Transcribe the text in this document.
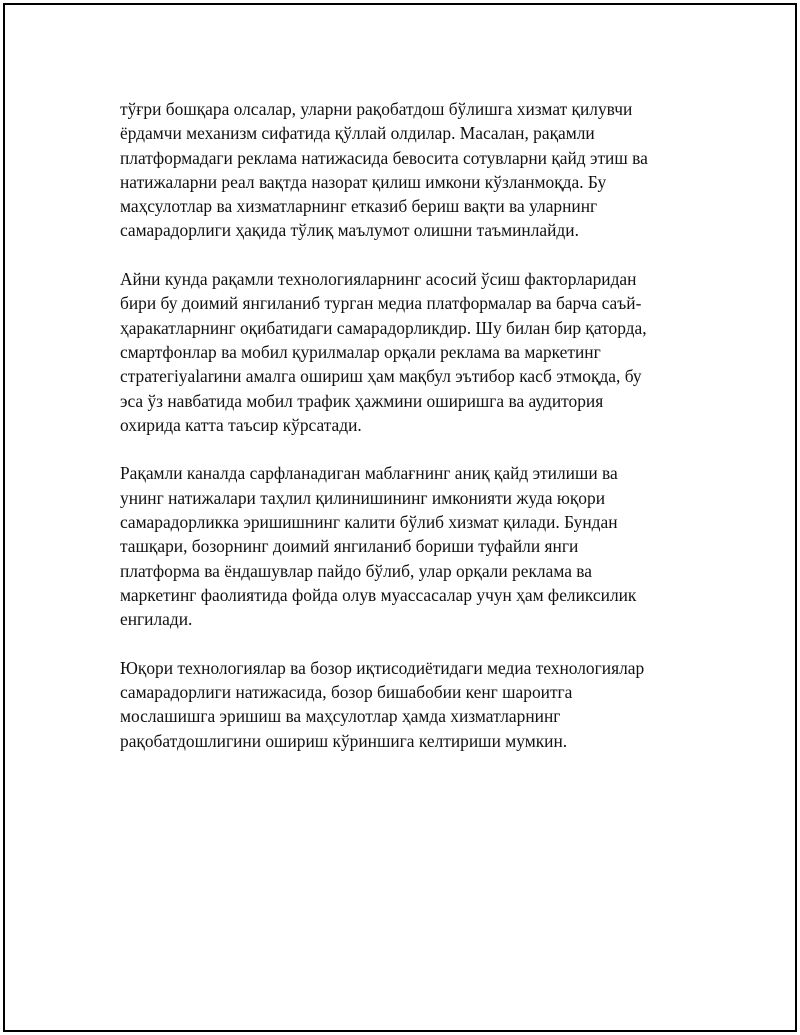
тўғри бошқара олсалар, уларни рақобатдош бўлишга хизмат қилувчи
ёрдамчи механизм сифатида қўллай олдилар. Масалан, рақамли
платформадаги реклама натижасида бевосита сотувларни қайд этиш ва
натижаларни реал вақтда назорат қилиш имкони кўзланмоқда. Бу
маҳсулотлар ва хизматларнинг етказиб бериш вақти ва уларнинг
самарадорлиги ҳақида тўлиқ маълумот олишни таъминлайди.

Айни кунда рақамли технологияларнинг асосий ўсиш факторларидан
бири бу доимий янгиланиб турган медиа платформалар ва барча саъй-
ҳаракатларнинг оқибатидаги самарадорликдир. Шу билан бир қаторда,
смартфонлар ва мобил қурилмалар орқали реклама ва маркетинг
стратегiyalarини амалга ошириш ҳам мақбул эътибор касб этмоқда, бу
эса ўз навбатида мобил трафик ҳажмини оширишга ва аудитория
охирида катта таъсир кўрсатади.

Рақамли каналда сарфланадиган маблағнинг аниқ қайд этилиши ва
унинг натижалари таҳлил қилинишининг имконияти жуда юқори
самарадорликка эришишнинг калити бўлиб хизмат қилади. Бундан
ташқари, бозорнинг доимий янгиланиб бориши туфайли янги
платформа ва ёндашувлар пайдо бўлиб, улар орқали реклама ва
маркетинг фаолиятида фойда олув муассасалар учун ҳам феликсилик
енгилади.

Юқори технологиялар ва бозор иқтисодиётидаги медиа технологиялар
самарадорлиги натижасида, бозор бишабобии кенг шароитга
мослашишга эришиш ва маҳсулотлар ҳамда хизматларнинг
рақобатдошлигини ошириш кўриншига келтириши мумкин.
